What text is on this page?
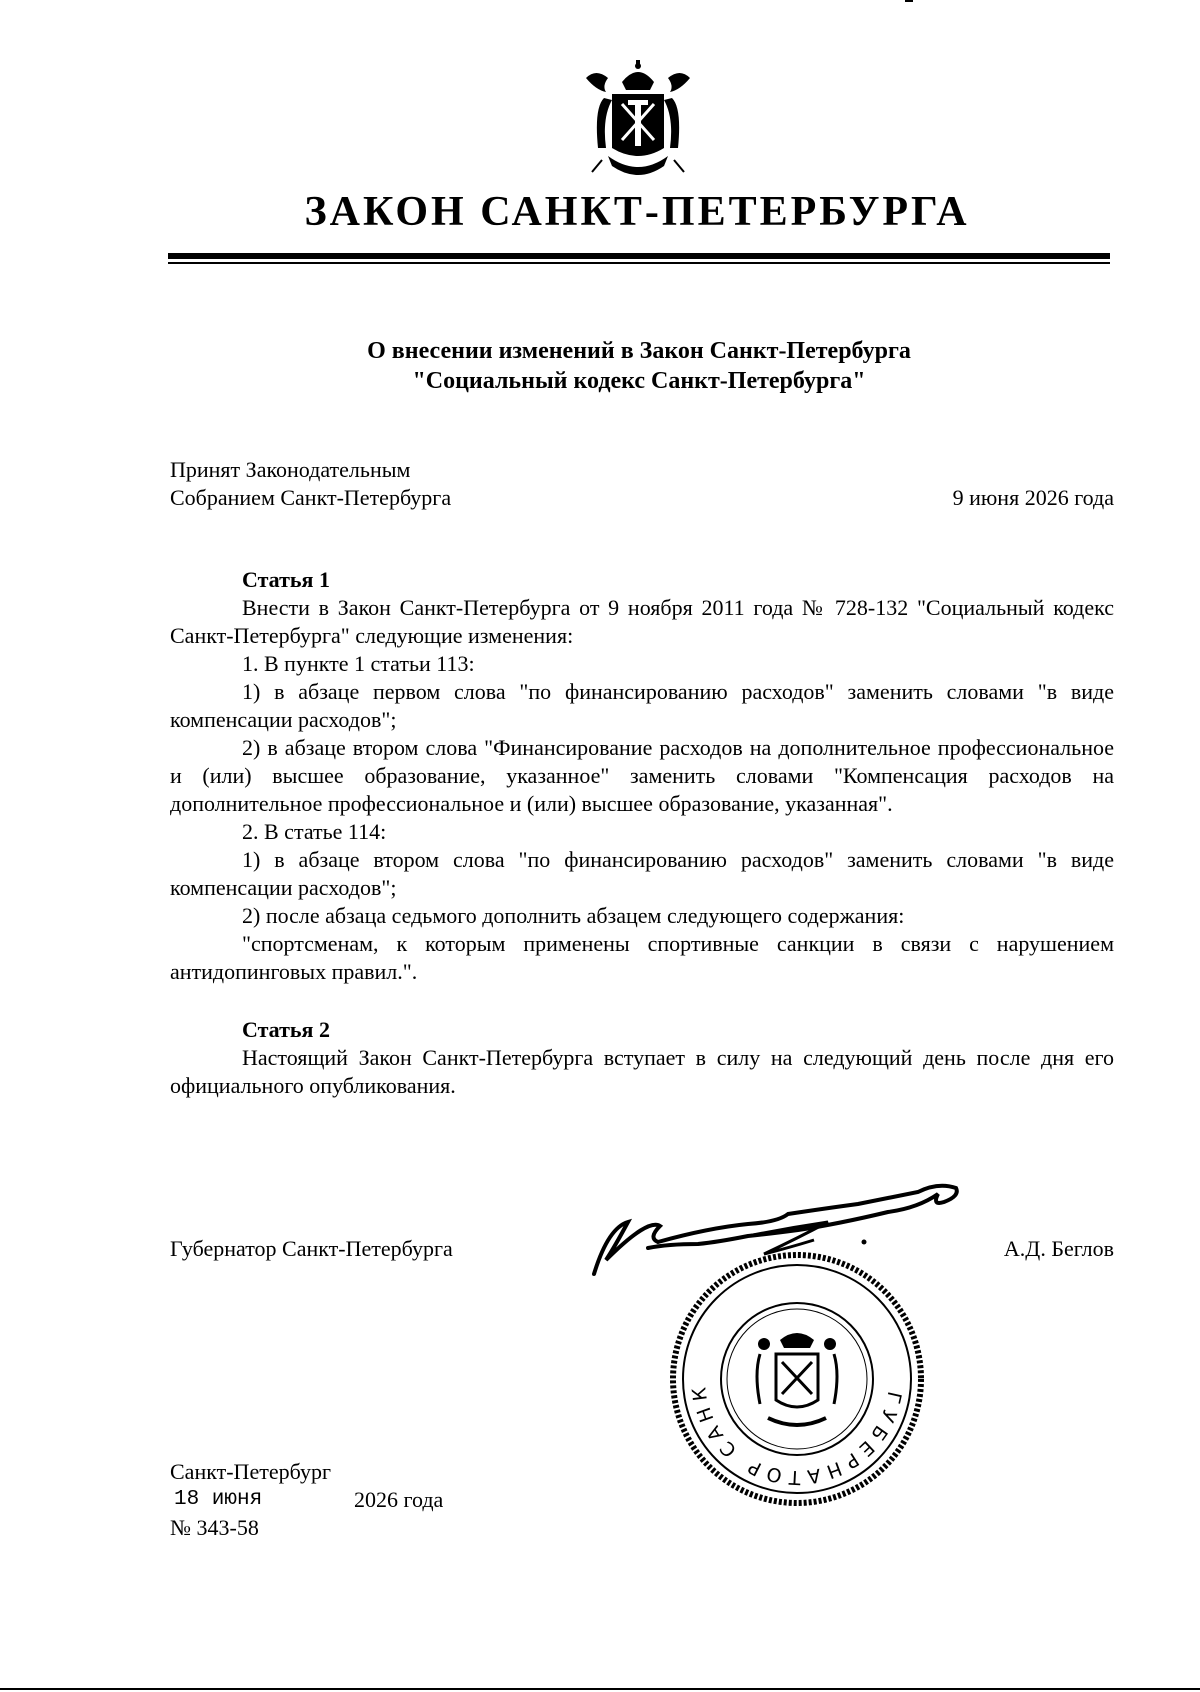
ЗАКОН САНКТ-ПЕТЕРБУРГА
О внесении изменений в Закон Санкт-Петербурга
"Социальный кодекс Санкт-Петербурга"
Принят Законодательным
Собранием Санкт-Петербурга	9 июня 2026 года

Статья 1

Внести в Закон Санкт-Петербурга от 9 ноября 2011 года № 728-132 "Социальный кодекс Санкт-Петербурга" следующие изменения:

1. В пункте 1 статьи 113:

1) в абзаце первом слова "по финансированию расходов" заменить словами "в виде компенсации расходов";

2) в абзаце втором слова "Финансирование расходов на дополнительное профессиональное и (или) высшее образование, указанное" заменить словами "Компенсация расходов на дополнительное профессиональное и (или) высшее образование, указанная".

2. В статье 114:

1) в абзаце втором слова "по финансированию расходов" заменить словами "в виде компенсации расходов";

2) после абзаца седьмого дополнить абзацем следующего содержания:

"спортсменам, к которым применены спортивные санкции в связи с нарушением антидопинговых правил.".

Статья 2

Настоящий Закон Санкт-Петербурга вступает в силу на следующий день после дня его официального опубликования.

Губернатор Санкт-Петербурга	А.Д. Беглов
ГУБЕРНАТОР САНК
Санкт-Петербург
18 июня	2026 года
№ 343-58
